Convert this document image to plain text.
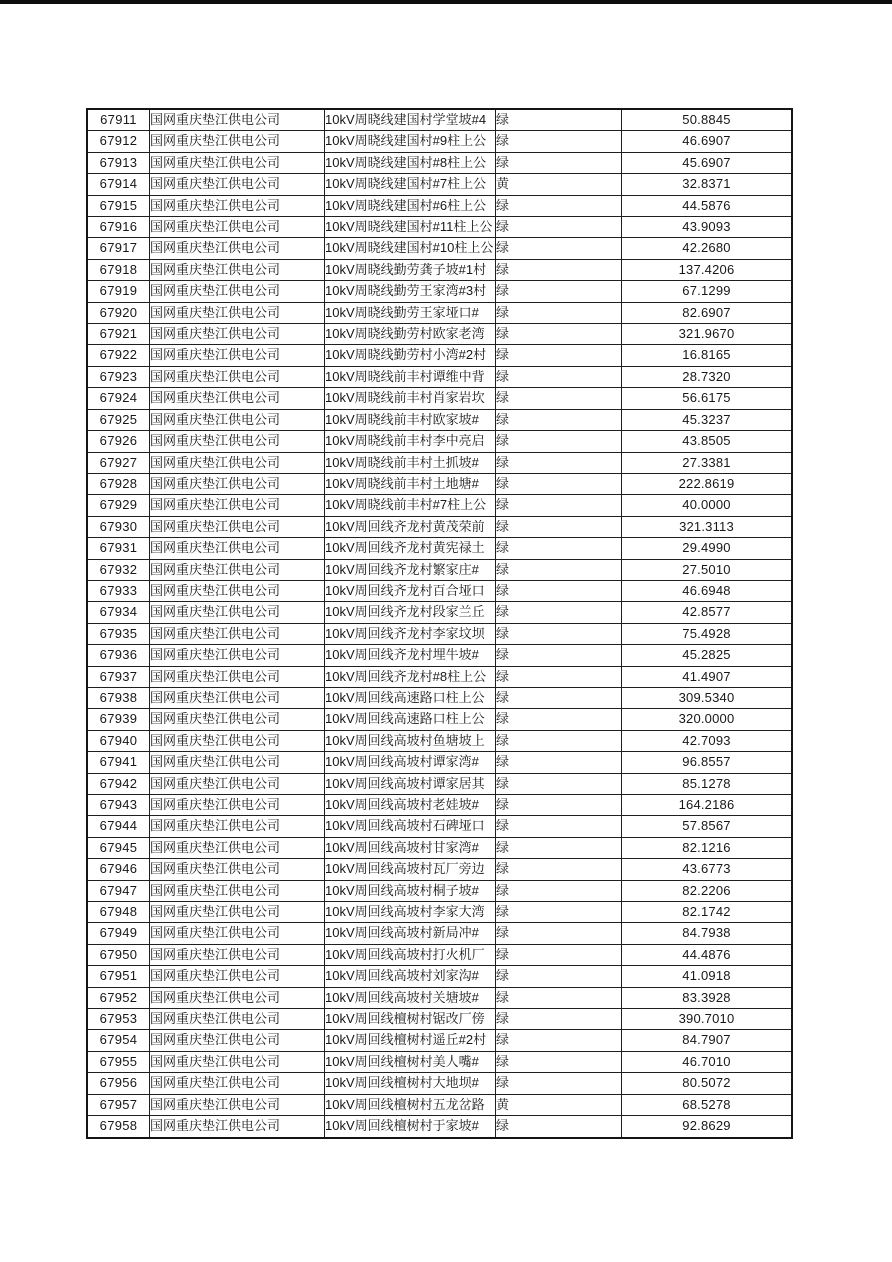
67911	国网重庆垫江供电公司	10kV周晓线建国村学堂坡#4	绿	50.8845
67912	国网重庆垫江供电公司	10kV周晓线建国村#9柱上公	绿	46.6907
67913	国网重庆垫江供电公司	10kV周晓线建国村#8柱上公	绿	45.6907
67914	国网重庆垫江供电公司	10kV周晓线建国村#7柱上公	黄	32.8371
67915	国网重庆垫江供电公司	10kV周晓线建国村#6柱上公	绿	44.5876
67916	国网重庆垫江供电公司	10kV周晓线建国村#11柱上公	绿	43.9093
67917	国网重庆垫江供电公司	10kV周晓线建国村#10柱上公	绿	42.2680
67918	国网重庆垫江供电公司	10kV周晓线勤劳龚子坡#1村	绿	137.4206
67919	国网重庆垫江供电公司	10kV周晓线勤劳王家湾#3村	绿	67.1299
67920	国网重庆垫江供电公司	10kV周晓线勤劳王家垭口#	绿	82.6907
67921	国网重庆垫江供电公司	10kV周晓线勤劳村欧家老湾	绿	321.9670
67922	国网重庆垫江供电公司	10kV周晓线勤劳村小湾#2村	绿	16.8165
67923	国网重庆垫江供电公司	10kV周晓线前丰村谭维中背	绿	28.7320
67924	国网重庆垫江供电公司	10kV周晓线前丰村肖家岩坎	绿	56.6175
67925	国网重庆垫江供电公司	10kV周晓线前丰村欧家坡#	绿	45.3237
67926	国网重庆垫江供电公司	10kV周晓线前丰村李中亮启	绿	43.8505
67927	国网重庆垫江供电公司	10kV周晓线前丰村土抓坡#	绿	27.3381
67928	国网重庆垫江供电公司	10kV周晓线前丰村土地塘#	绿	222.8619
67929	国网重庆垫江供电公司	10kV周晓线前丰村#7柱上公	绿	40.0000
67930	国网重庆垫江供电公司	10kV周回线齐龙村黄茂荣前	绿	321.3113
67931	国网重庆垫江供电公司	10kV周回线齐龙村黄宪禄土	绿	29.4990
67932	国网重庆垫江供电公司	10kV周回线齐龙村繁家庄#	绿	27.5010
67933	国网重庆垫江供电公司	10kV周回线齐龙村百合垭口	绿	46.6948
67934	国网重庆垫江供电公司	10kV周回线齐龙村段家兰丘	绿	42.8577
67935	国网重庆垫江供电公司	10kV周回线齐龙村李家坟坝	绿	75.4928
67936	国网重庆垫江供电公司	10kV周回线齐龙村埋牛坡#	绿	45.2825
67937	国网重庆垫江供电公司	10kV周回线齐龙村#8柱上公	绿	41.4907
67938	国网重庆垫江供电公司	10kV周回线高速路口柱上公	绿	309.5340
67939	国网重庆垫江供电公司	10kV周回线高速路口柱上公	绿	320.0000
67940	国网重庆垫江供电公司	10kV周回线高坡村鱼塘坡上	绿	42.7093
67941	国网重庆垫江供电公司	10kV周回线高坡村谭家湾#	绿	96.8557
67942	国网重庆垫江供电公司	10kV周回线高坡村谭家居其	绿	85.1278
67943	国网重庆垫江供电公司	10kV周回线高坡村老娃坡#	绿	164.2186
67944	国网重庆垫江供电公司	10kV周回线高坡村石碑垭口	绿	57.8567
67945	国网重庆垫江供电公司	10kV周回线高坡村甘家湾#	绿	82.1216
67946	国网重庆垫江供电公司	10kV周回线高坡村瓦厂旁边	绿	43.6773
67947	国网重庆垫江供电公司	10kV周回线高坡村桐子坡#	绿	82.2206
67948	国网重庆垫江供电公司	10kV周回线高坡村李家大湾	绿	82.1742
67949	国网重庆垫江供电公司	10kV周回线高坡村新局冲#	绿	84.7938
67950	国网重庆垫江供电公司	10kV周回线高坡村打火机厂	绿	44.4876
67951	国网重庆垫江供电公司	10kV周回线高坡村刘家沟#	绿	41.0918
67952	国网重庆垫江供电公司	10kV周回线高坡村关塘坡#	绿	83.3928
67953	国网重庆垫江供电公司	10kV周回线檀树村锯改厂傍	绿	390.7010
67954	国网重庆垫江供电公司	10kV周回线檀树村遥丘#2村	绿	84.7907
67955	国网重庆垫江供电公司	10kV周回线檀树村美人嘴#	绿	46.7010
67956	国网重庆垫江供电公司	10kV周回线檀树村大地坝#	绿	80.5072
67957	国网重庆垫江供电公司	10kV周回线檀树村五龙岔路	黄	68.5278
67958	国网重庆垫江供电公司	10kV周回线檀树村于家坡#	绿	92.8629
